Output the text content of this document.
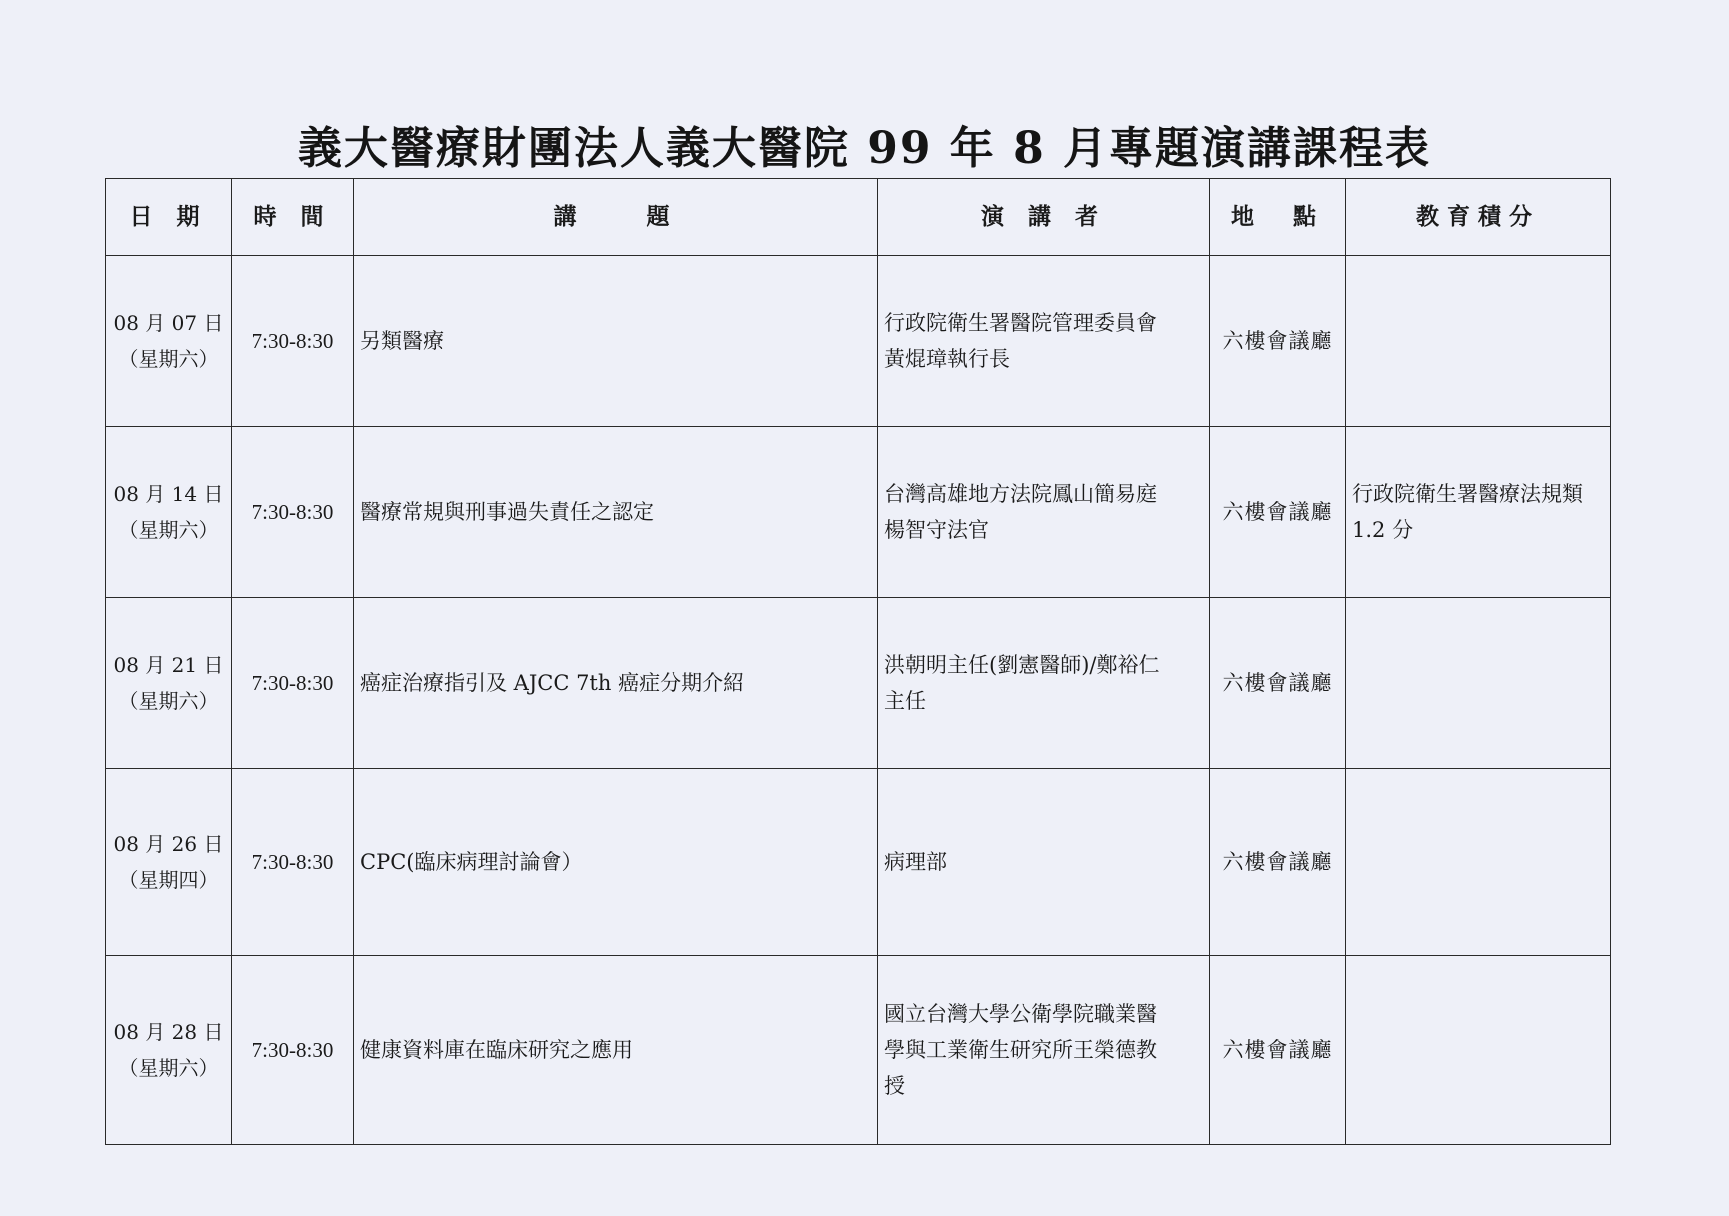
義大醫療財團法人義大醫院 99 年 8 月專題演講課程表
日 期	時 間	講　　題	演 講 者	地　點	教育積分

08 月 07 日
（星期六）	7:30-8:30	另類醫療	行政院衛生署醫院管理委員會
黃焜璋執行長	六樓會議廳	

08 月 14 日
（星期六）	7:30-8:30	醫療常規與刑事過失責任之認定	台灣高雄地方法院鳳山簡易庭
楊智守法官	六樓會議廳	行政院衛生署醫療法規類
1.2 分

08 月 21 日
（星期六）	7:30-8:30	癌症治療指引及 AJCC 7th 癌症分期介紹	洪朝明主任(劉憲醫師)/鄭裕仁
主任	六樓會議廳	

08 月 26 日
（星期四）	7:30-8:30	CPC(臨床病理討論會）	病理部	六樓會議廳	

08 月 28 日
（星期六）	7:30-8:30	健康資料庫在臨床研究之應用	國立台灣大學公衛學院職業醫
學與工業衛生研究所王榮德教
授	六樓會議廳	
